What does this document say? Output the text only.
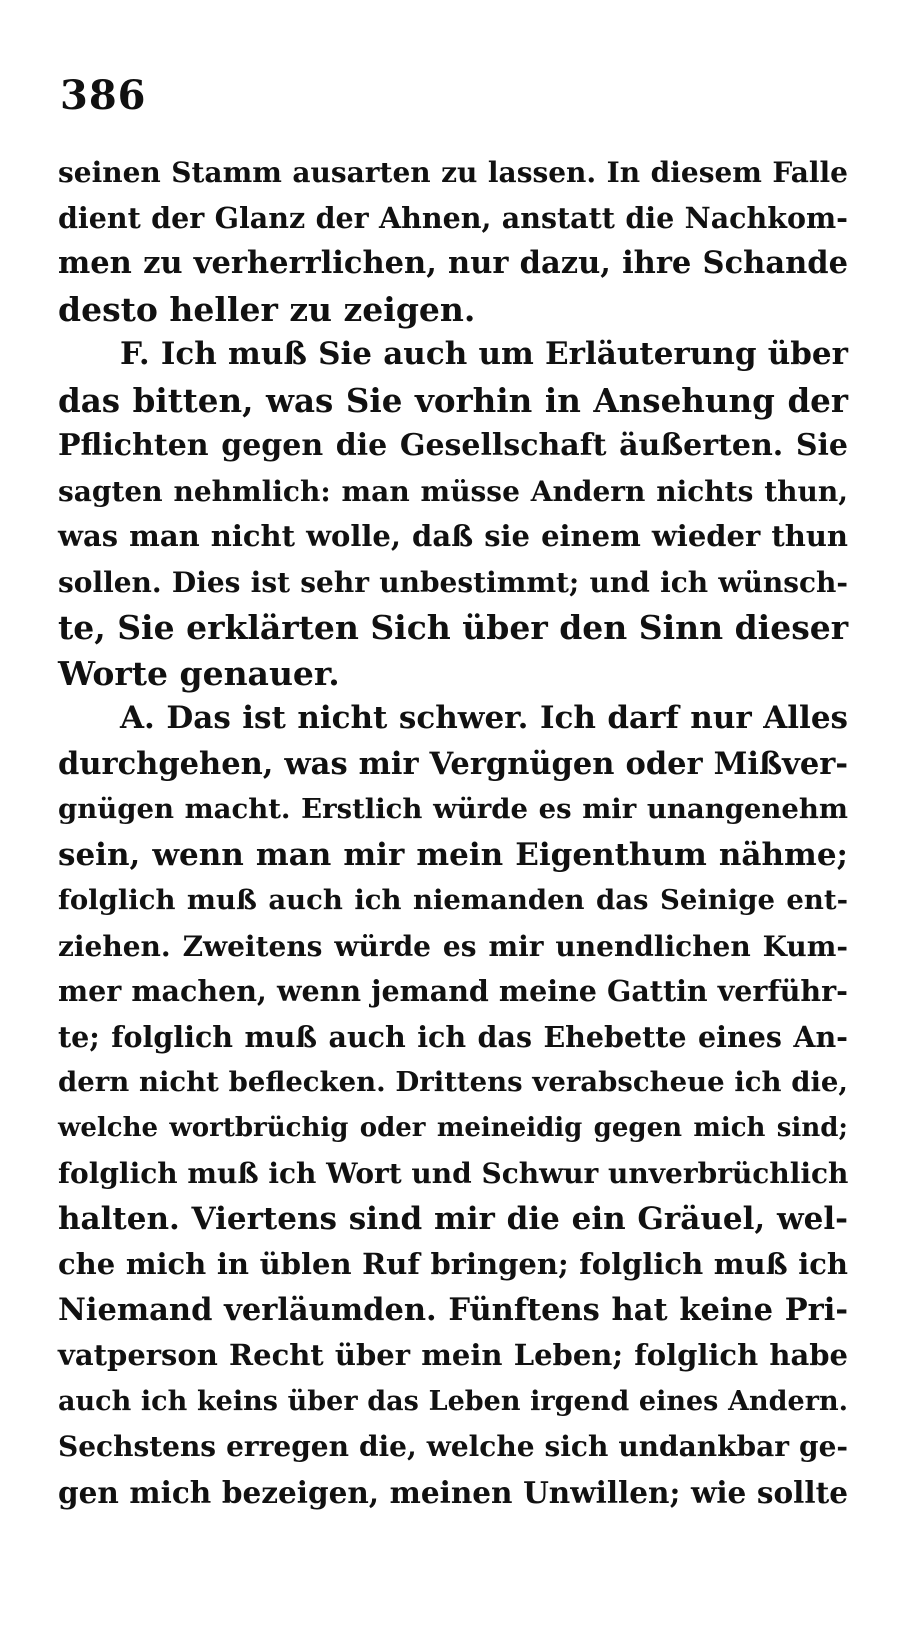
386
seinen Stamm ausarten zu lassen. In diesem Falle
dient der Glanz der Ahnen, anstatt die Nachkom-
men zu verherrlichen, nur dazu, ihre Schande
desto heller zu zeigen.
F. Ich muß Sie auch um Erläuterung über
das bitten, was Sie vorhin in Ansehung der
Pflichten gegen die Gesellschaft äußerten. Sie
sagten nehmlich: man müsse Andern nichts thun,
was man nicht wolle, daß sie einem wieder thun
sollen. Dies ist sehr unbestimmt; und ich wünsch-
te, Sie erklärten Sich über den Sinn dieser
Worte genauer.
A. Das ist nicht schwer. Ich darf nur Alles
durchgehen, was mir Vergnügen oder Mißver-
gnügen macht. Erstlich würde es mir unangenehm
sein, wenn man mir mein Eigenthum nähme;
folglich muß auch ich niemanden das Seinige ent-
ziehen. Zweitens würde es mir unendlichen Kum-
mer machen, wenn jemand meine Gattin verführ-
te; folglich muß auch ich das Ehebette eines An-
dern nicht beflecken. Drittens verabscheue ich die,
welche wortbrüchig oder meineidig gegen mich sind;
folglich muß ich Wort und Schwur unverbrüchlich
halten. Viertens sind mir die ein Gräuel, wel-
che mich in üblen Ruf bringen; folglich muß ich
Niemand verläumden. Fünftens hat keine Pri-
vatperson Recht über mein Leben; folglich habe
auch ich keins über das Leben irgend eines Andern.
Sechstens erregen die, welche sich undankbar ge-
gen mich bezeigen, meinen Unwillen; wie sollte
